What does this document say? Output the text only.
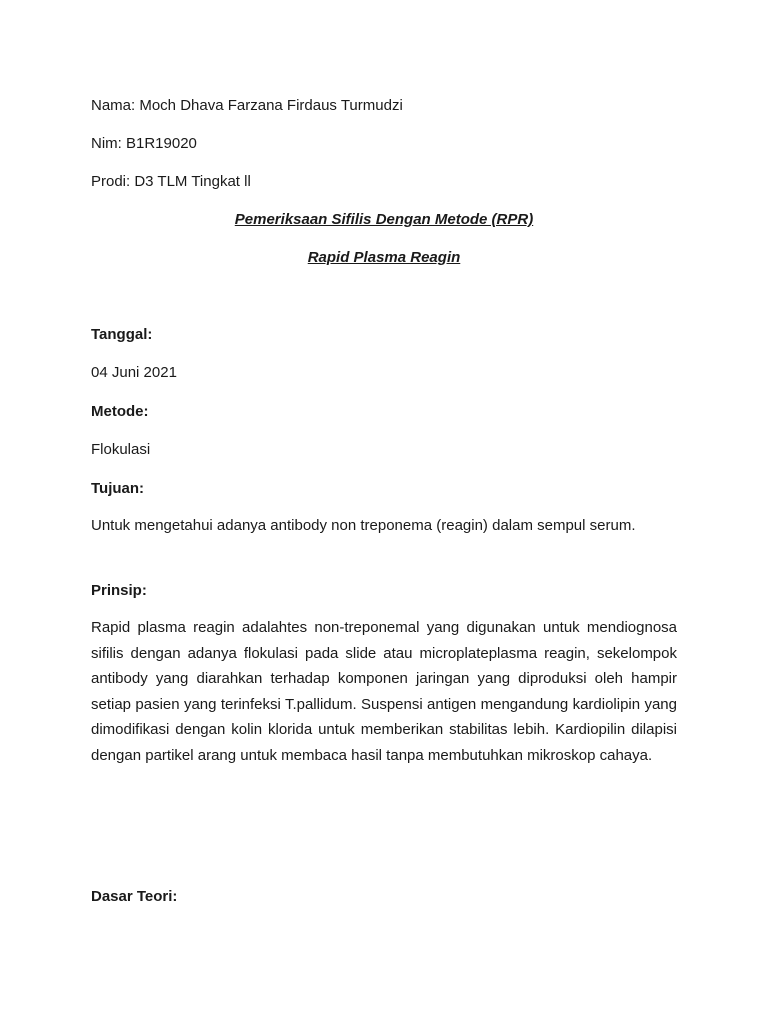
Nama: Moch Dhava Farzana Firdaus Turmudzi
Nim: B1R19020
Prodi: D3 TLM Tingkat ll
Pemeriksaan Sifilis Dengan Metode (RPR)
Rapid Plasma Reagin
Tanggal:
04 Juni 2021
Metode:
Flokulasi
Tujuan:

Untuk mengetahui adanya antibody non treponema (reagin) dalam sempul serum.

Prinsip:

Rapid plasma reagin adalahtes non-treponemal yang digunakan untuk mendiognosa sifilis dengan adanya flokulasi pada slide atau microplateplasma reagin, sekelompok antibody yang diarahkan terhadap komponen jaringan yang diproduksi oleh hampir setiap pasien yang terinfeksi T.pallidum. Suspensi antigen mengandung kardiolipin yang dimodifikasi dengan kolin klorida untuk memberikan stabilitas lebih. Kardiopilin dilapisi dengan partikel arang untuk membaca hasil tanpa membutuhkan mikroskop cahaya.

Dasar Teori:
